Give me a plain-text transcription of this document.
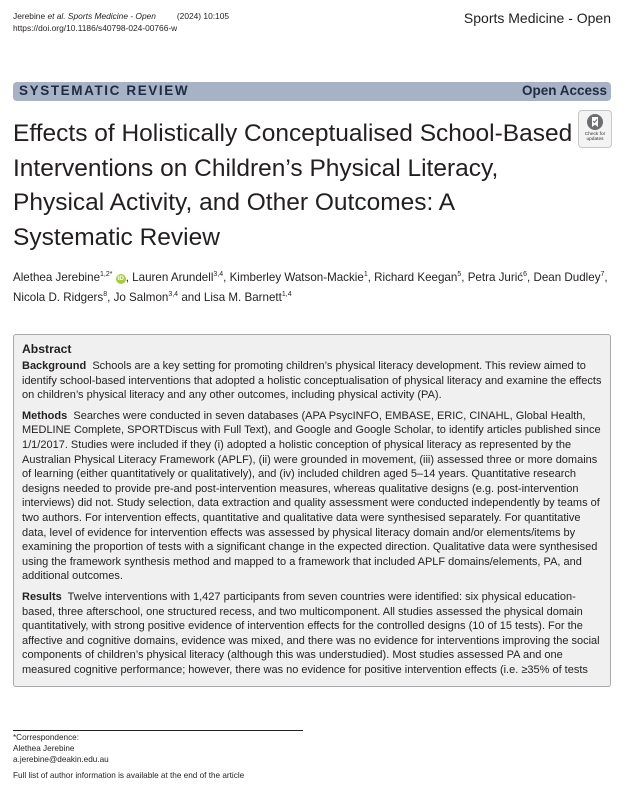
Jerebine et al. Sports Medicine - Open (2024) 10:105
https://doi.org/10.1186/s40798-024-00766-w
Sports Medicine - Open
SYSTEMATIC REVIEW	Open Access
Effects of Holistically Conceptualised School-Based Interventions on Children’s Physical Literacy, Physical Activity, and Other Outcomes: A Systematic Review
Check for
updates
Alethea Jerebine$^{1,2*}$ iD , Lauren Arundell$^{3,4}$, Kimberley Watson-Mackie$^1$, Richard Keegan$^5$, Petra Jurić$^6$, Dean Dudley$^7$,
Nicola D. Ridgers$^8$, Jo Salmon$^{3,4}$ and Lisa M. Barnett$^{1,4}$
Abstract

Background Schools are a key setting for promoting children’s physical literacy development. This review aimed to identify school-based interventions that adopted a holistic conceptualisation of physical literacy and examine the effects on children’s physical literacy and any other outcomes, including physical activity (PA).

Methods Searches were conducted in seven databases (APA PsycINFO, EMBASE, ERIC, CINAHL, Global Health, MEDLINE Complete, SPORTDiscus with Full Text), and Google and Google Scholar, to identify articles published since 1/1/2017. Studies were included if they (i) adopted a holistic conception of physical literacy as represented by the Australian Physical Literacy Framework (APLF), (ii) were grounded in movement, (iii) assessed three or more domains of learning (either quantitatively or qualitatively), and (iv) included children aged 5–14 years. Quantitative research designs needed to provide pre-and post-intervention measures, whereas qualitative designs (e.g. post-intervention interviews) did not. Study selection, data extraction and quality assessment were conducted independently by teams of two authors. For intervention effects, quantitative and qualitative data were synthesised separately. For quantitative data, level of evidence for intervention effects was assessed by physical literacy domain and/or elements/items by examining the proportion of tests with a significant change in the expected direction. Qualitative data were synthesised using the framework synthesis method and mapped to a framework that included APLF domains/elements, PA, and additional outcomes.

Results Twelve interventions with 1,427 participants from seven countries were identified: six physical education-based, three afterschool, one structured recess, and two multicomponent. All studies assessed the physical domain quantitatively, with strong positive evidence of intervention effects for the controlled designs (10 of 15 tests). For the affective and cognitive domains, evidence was mixed, and there was no evidence for interventions improving the social components of children’s physical literacy (although this was understudied). Most studies assessed PA and one measured cognitive performance; however, there was no evidence for positive intervention effects (i.e. ≥35% of tests

*Correspondence:
Alethea Jerebine
a.jerebine@deakin.edu.au
Full list of author information is available at the end of the article
